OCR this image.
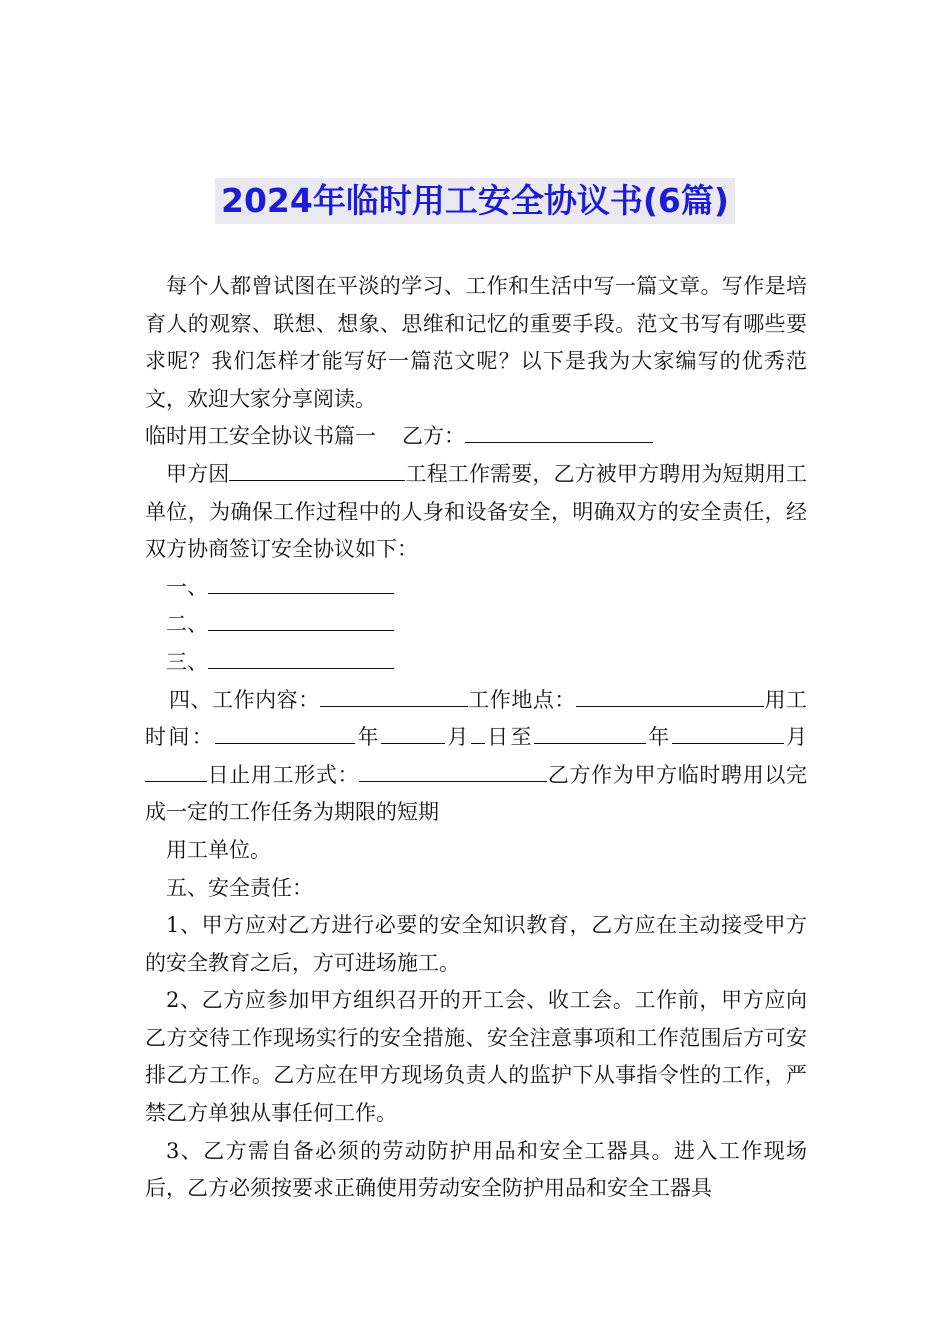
2024年临时用工安全协议书(6篇)

每个人都曾试图在平淡的学习、工作和生活中写一篇文章。写作是培育人的观察、联想、想象、思维和记忆的重要手段。范文书写有哪些要求呢？我们怎样才能写好一篇范文呢？以下是我为大家编写的优秀范文，欢迎大家分享阅读。

临时用工安全协议书篇一 乙方：

甲方因	工程工作需要，乙方被甲方聘用为短期用工单位，为确保工作过程中的人身和设备安全，明确双方的安全责任，经双方协商签订安全协议如下：

一、

二、

三、

四、工作内容：	工作地点：	用工时间：	年	月 日至	年	月日止用工形式：	乙方作为甲方临时聘用以完成一定的工作任务为期限的短期

用工单位。

五、安全责任：

1、甲方应对乙方进行必要的安全知识教育，乙方应在主动接受甲方的安全教育之后，方可进场施工。

2、乙方应参加甲方组织召开的开工会、收工会。工作前，甲方应向乙方交待工作现场实行的安全措施、安全注意事项和工作范围后方可安排乙方工作。乙方应在甲方现场负责人的监护下从事指令性的工作，严禁乙方单独从事任何工作。

3、乙方需自备必须的劳动防护用品和安全工器具。进入工作现场后，乙方必须按要求正确使用劳动安全防护用品和安全工器具
